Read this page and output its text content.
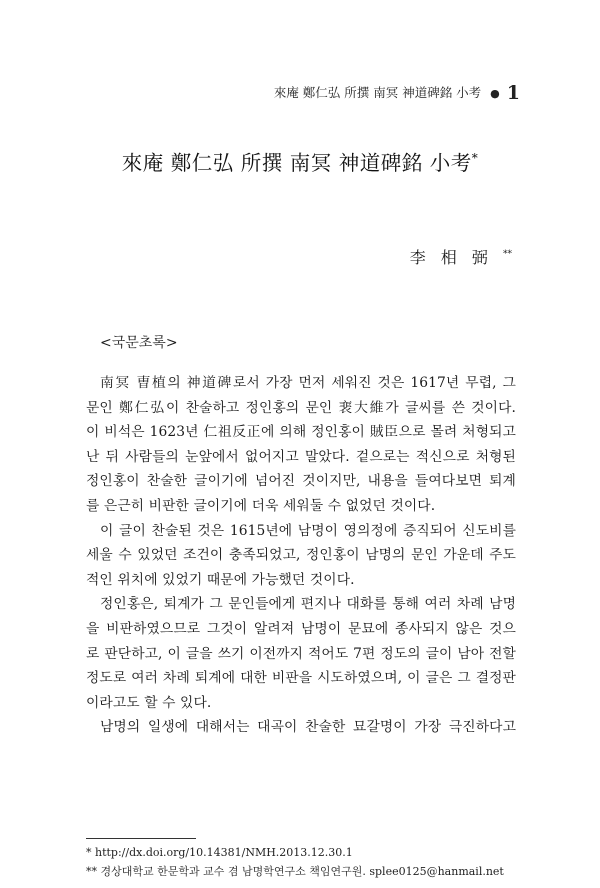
來庵 鄭仁弘 所撰 南冥 神道碑銘 小考 ● 1
來庵 鄭仁弘 所撰 南冥 神道碑銘 小考*
李 相 弼 **
<국문초록>
南冥 曺植의 神道碑로서 가장 먼저 세워진 것은 1617년 무렵, 그
문인 鄭仁弘이 찬술하고 정인홍의 문인 裵大維가 글씨를 쓴 것이다.
이 비석은 1623년 仁祖反正에 의해 정인홍이 賊臣으로 몰려 처형되고
난 뒤 사람들의 눈앞에서 없어지고 말았다. 겉으로는 적신으로 처형된
정인홍이 찬술한 글이기에 넘어진 것이지만, 내용을 들여다보면 퇴계
를 은근히 비판한 글이기에 더욱 세워둘 수 없었던 것이다.
이 글이 찬술된 것은 1615년에 남명이 영의정에 증직되어 신도비를
세울 수 있었던 조건이 충족되었고, 정인홍이 남명의 문인 가운데 주도
적인 위치에 있었기 때문에 가능했던 것이다.
정인홍은, 퇴계가 그 문인들에게 편지나 대화를 통해 여러 차례 남명
을 비판하였으므로 그것이 알려져 남명이 문묘에 종사되지 않은 것으
로 판단하고, 이 글을 쓰기 이전까지 적어도 7편 정도의 글이 남아 전할
정도로 여러 차례 퇴계에 대한 비판을 시도하였으며, 이 글은 그 결정판
이라고도 할 수 있다.
남명의 일생에 대해서는 대곡이 찬술한 묘갈명이 가장 극진하다고
* http://dx.doi.org/10.14381/NMH.2013.12.30.1
** 경상대학교 한문학과 교수 겸 남명학연구소 책임연구원. splee0125@hanmail.net
